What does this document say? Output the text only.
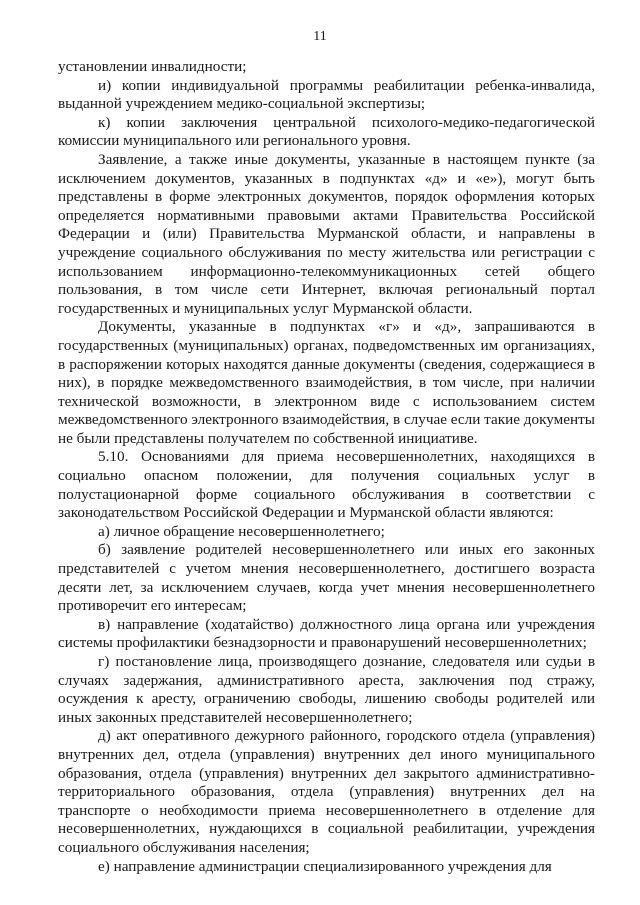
11

установлении инвалидности;

и) копии индивидуальной программы реабилитации ребенка-инвалида, выданной учреждением медико-социальной экспертизы;

к) копии заключения центральной психолого-медико-педагогической комиссии муниципального или регионального уровня.

Заявление, а также иные документы, указанные в настоящем пункте (за исключением документов, указанных в подпунктах «д» и «е»), могут быть представлены в форме электронных документов, порядок оформления которых определяется нормативными правовыми актами Правительства Российской Федерации и (или) Правительства Мурманской области, и направлены в учреждение социального обслуживания по месту жительства или регистрации с использованием информационно-телекоммуникационных сетей общего пользования, в том числе сети Интернет, включая региональный портал государственных и муниципальных услуг Мурманской области.

Документы, указанные в подпунктах «г» и «д», запрашиваются в государственных (муниципальных) органах, подведомственных им организациях, в распоряжении которых находятся данные документы (сведения, содержащиеся в них), в порядке межведомственного взаимодействия, в том числе, при наличии технической возможности, в электронном виде с использованием систем межведомственного электронного взаимодействия, в случае если такие документы не были представлены получателем по собственной инициативе.

5.10. Основаниями для приема несовершеннолетних, находящихся в социально опасном положении, для получения социальных услуг в полустационарной форме социального обслуживания в соответствии с законодательством Российской Федерации и Мурманской области являются:

а) личное обращение несовершеннолетнего;

б) заявление родителей несовершеннолетнего или иных его законных представителей с учетом мнения несовершеннолетнего, достигшего возраста десяти лет, за исключением случаев, когда учет мнения несовершеннолетнего противоречит его интересам;

в) направление (ходатайство) должностного лица органа или учреждения системы профилактики безнадзорности и правонарушений несовершеннолетних;

г) постановление лица, производящего дознание, следователя или судьи в случаях задержания, административного ареста, заключения под стражу, осуждения к аресту, ограничению свободы, лишению свободы родителей или иных законных представителей несовершеннолетнего;

д) акт оперативного дежурного районного, городского отдела (управления) внутренних дел, отдела (управления) внутренних дел иного муниципального образования, отдела (управления) внутренних дел закрытого административно-территориального образования, отдела (управления) внутренних дел на транспорте о необходимости приема несовершеннолетнего в отделение для несовершеннолетних, нуждающихся в социальной реабилитации, учреждения социального обслуживания населения;

е) направление администрации специализированного учреждения для
